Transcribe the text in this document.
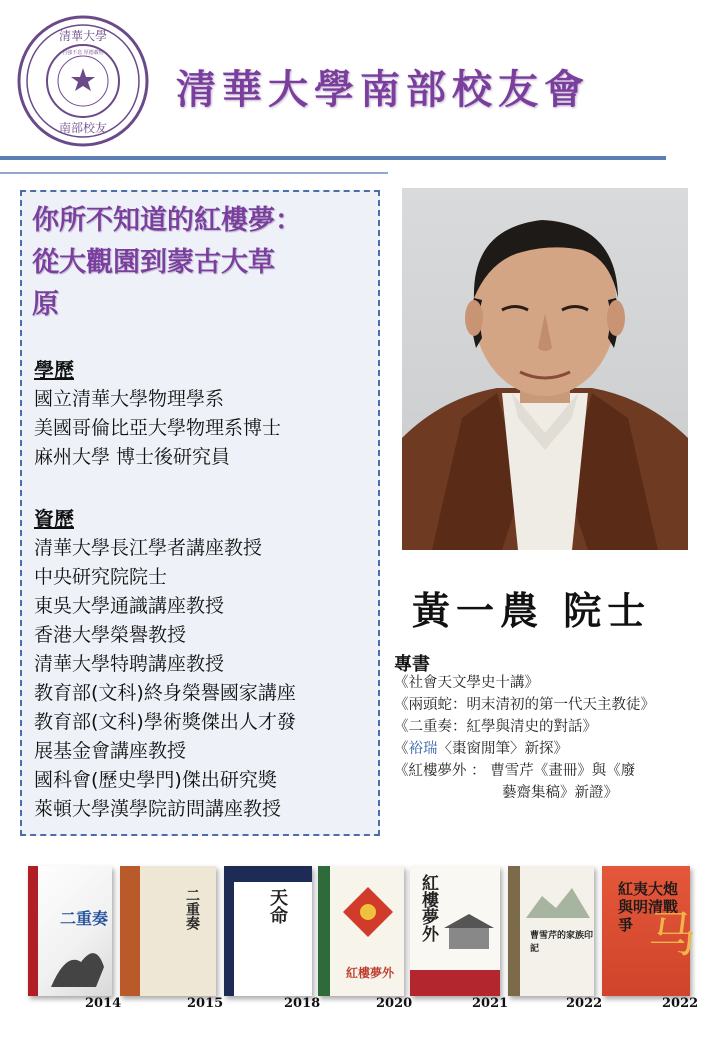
清華大學
南部校友
自強不息 厚德載物
清華大學南部校友會
你所不知道的紅樓夢：
從大觀園到蒙古大草
原
學歷
國立清華大學物理學系
美國哥倫比亞大學物理系博士
麻州大學 博士後研究員
資歷
清華大學長江學者講座教授
中央研究院院士
東吳大學通識講座教授
香港大學榮譽教授
清華大學特聘講座教授
教育部(文科)終身榮譽國家講座
教育部(文科)學術獎傑出人才發
展基金會講座教授
國科會(歷史學門)傑出研究獎
萊頓大學漢學院訪問講座教授
黃一農 院士
專書
《社會天文學史十講》
《兩頭蛇：明末清初的第一代天主教徒》
《二重奏：紅學與清史的對話》
《裕瑞〈棗窗閒筆〉新探》
《紅樓夢外 ： 曹雪芹《畫冊》與《廢
藝齋集稿》新證》
二重奏
2014
二重奏
2015
天命
2018
紅樓夢外
2020
紅樓夢外
2021
曹雪芹的家族印記
2022
紅夷大炮與明清戰爭 马
2022
